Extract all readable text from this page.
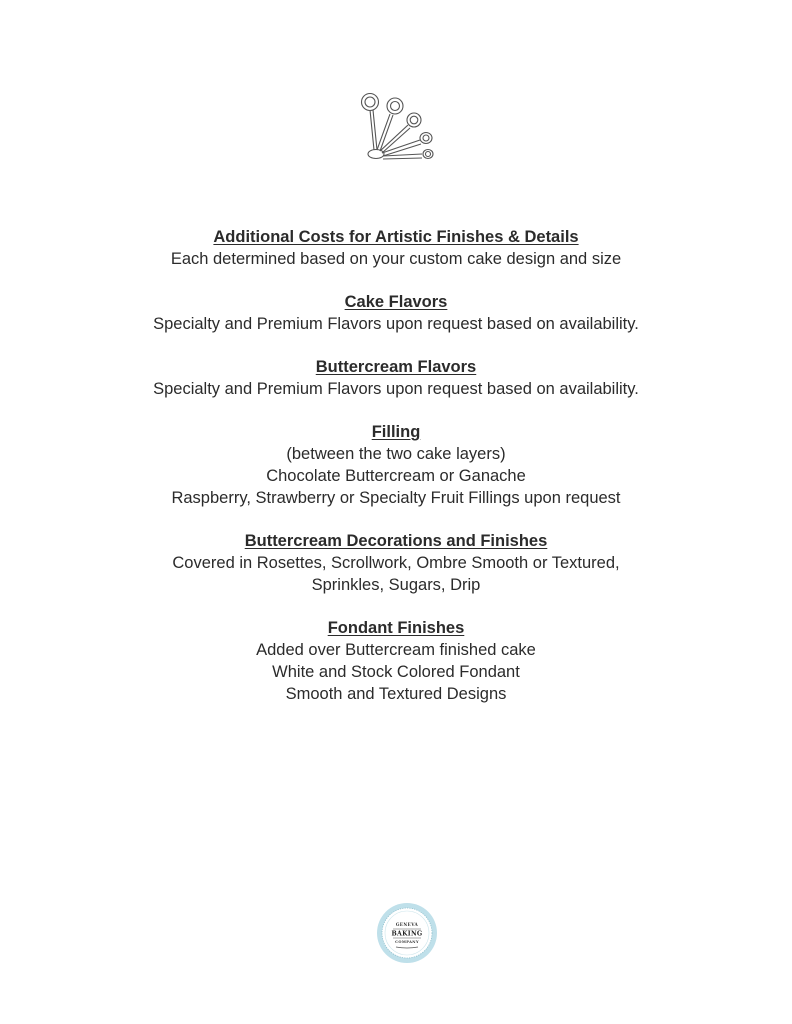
Additional Costs for Artistic Finishes & Details
Each determined based on your custom cake design and size
Cake Flavors
Specialty and Premium Flavors upon request based on availability.
Buttercream Flavors
Specialty and Premium Flavors upon request based on availability.
Filling
(between the two cake layers)
Chocolate Buttercream or Ganache
Raspberry, Strawberry or Specialty Fruit Fillings upon request
Buttercream Decorations and Finishes
Covered in Rosettes, Scrollwork, Ombre Smooth or Textured,
Sprinkles, Sugars, Drip
Fondant Finishes
Added over Buttercream finished cake
White and Stock Colored Fondant
Smooth and Textured Designs
GENEVA
BAKING
COMPANY
